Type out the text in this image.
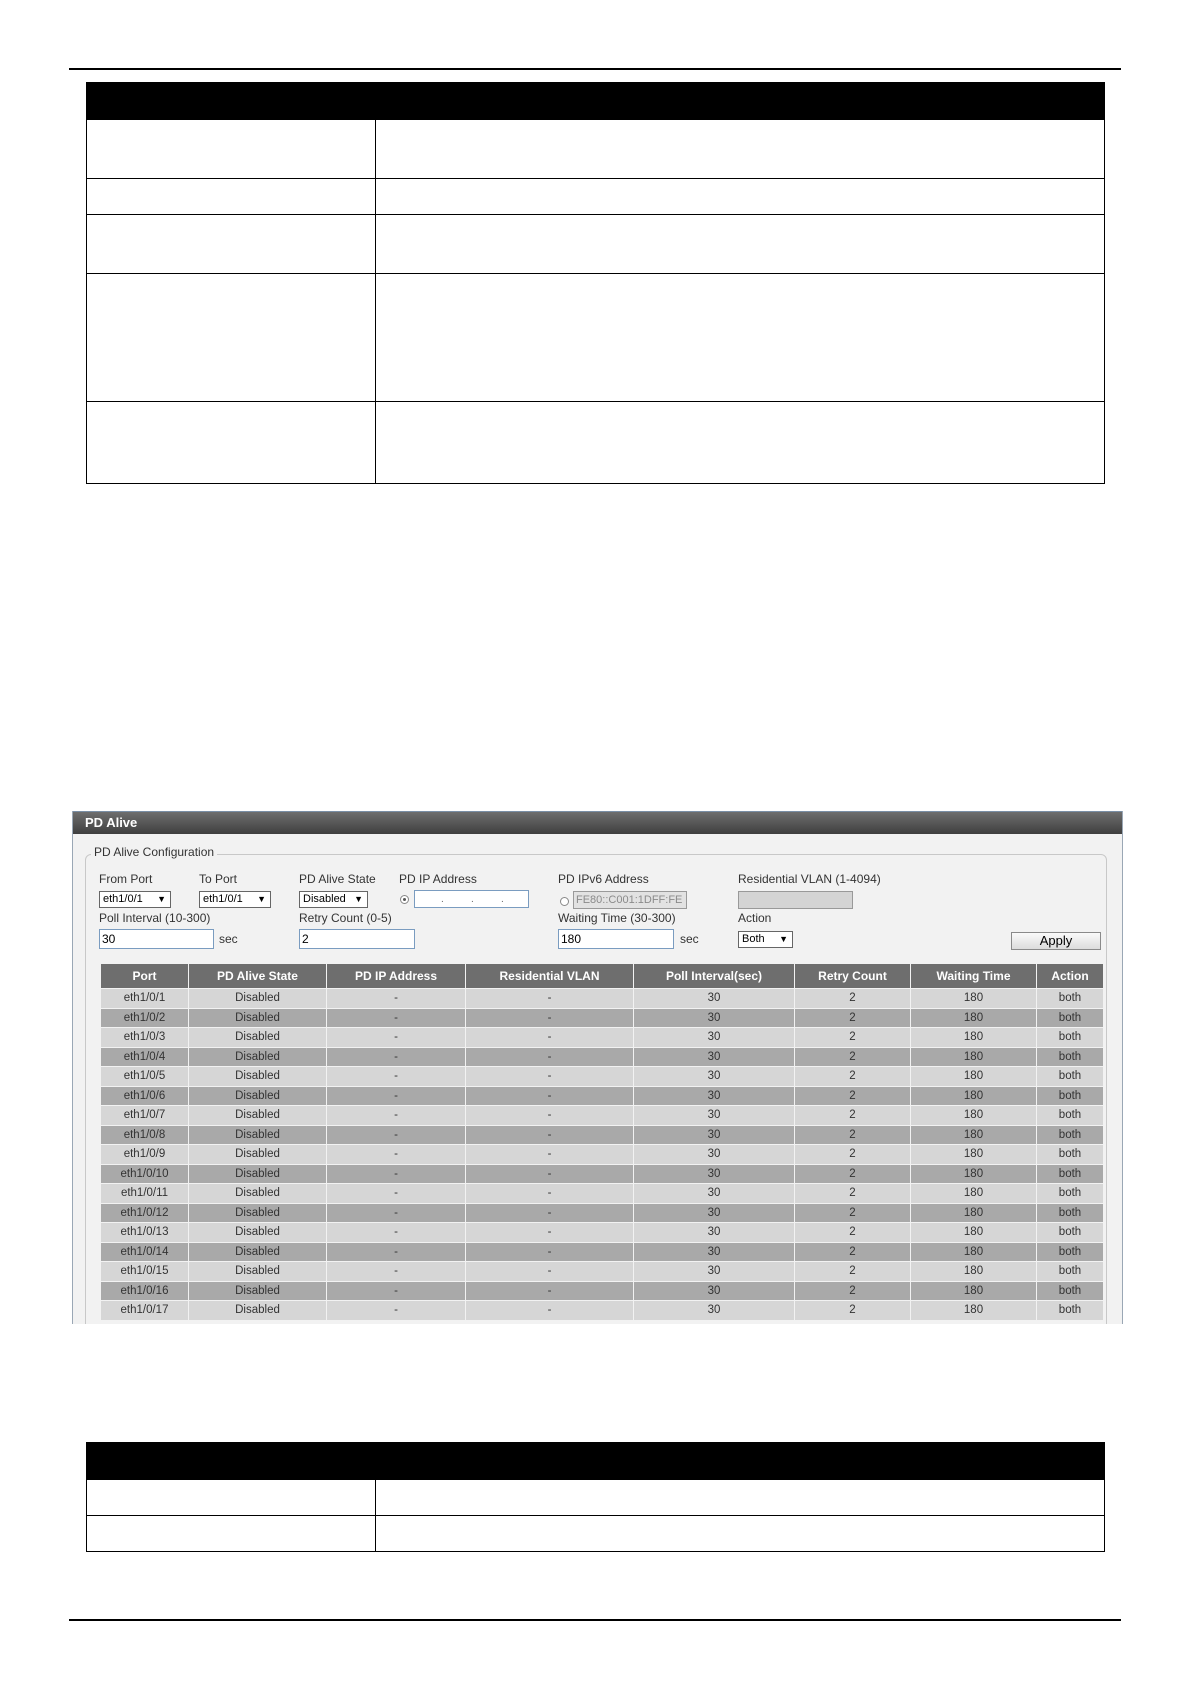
PD Alive
PD Alive Configuration
From Port	To Port	PD Alive State PD IP Address	PD IPv6 Address	Residential VLAN (1-4094)
eth1/0/1 ▼	eth1/0/1 ▼	Disabled ▼	.	.	.	FE80::C001:1DFF:FE
Poll Interval (10-300)	Retry Count (0-5)	Waiting Time (30-300)	Action
30	sec	2	180	sec	Both ▼	Apply
Port	PD Alive State	PD IP Address	Residential VLAN	Poll Interval(sec)	Retry Count	Waiting Time	Action
eth1/0/1	Disabled	-	-	30	2	180	both
eth1/0/2	Disabled	-	-	30	2	180	both
eth1/0/3	Disabled	-	-	30	2	180	both
eth1/0/4	Disabled	-	-	30	2	180	both
eth1/0/5	Disabled	-	-	30	2	180	both
eth1/0/6	Disabled	-	-	30	2	180	both
eth1/0/7	Disabled	-	-	30	2	180	both
eth1/0/8	Disabled	-	-	30	2	180	both
eth1/0/9	Disabled	-	-	30	2	180	both
eth1/0/10	Disabled	-	-	30	2	180	both
eth1/0/11	Disabled	-	-	30	2	180	both
eth1/0/12	Disabled	-	-	30	2	180	both
eth1/0/13	Disabled	-	-	30	2	180	both
eth1/0/14	Disabled	-	-	30	2	180	both
eth1/0/15	Disabled	-	-	30	2	180	both
eth1/0/16	Disabled	-	-	30	2	180	both
eth1/0/17	Disabled	-	-	30	2	180	both
